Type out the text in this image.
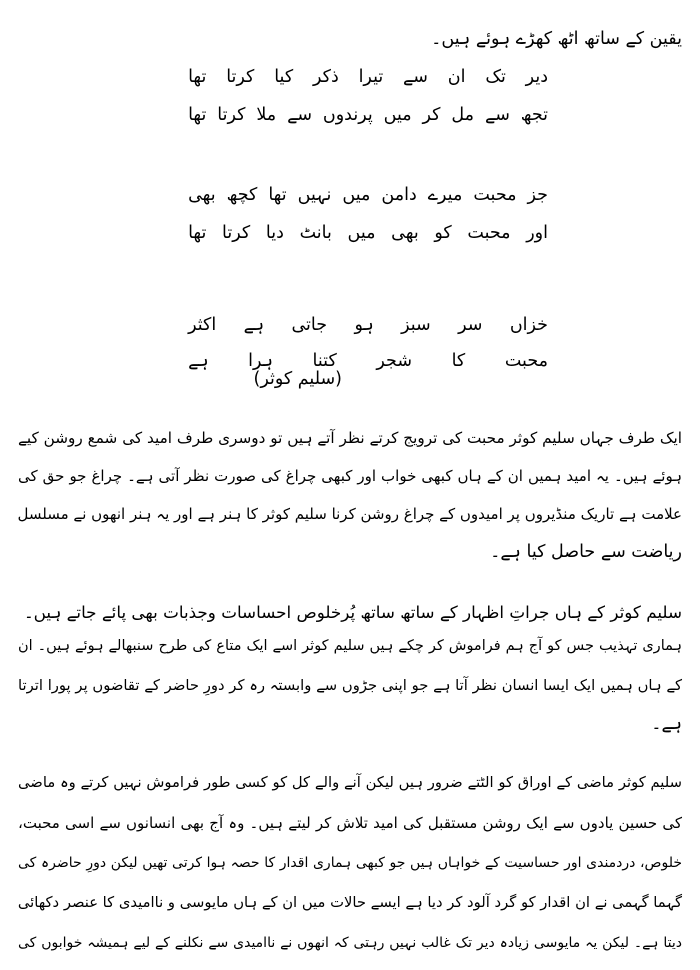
یقین کے ساتھ اٹھ کھڑے ہوئے ہیں۔
دیر
تک
ان
سے
تیرا
ذکر
کیا
کرتا
تھا
تجھ
سے
مل
کر
میں
پرندوں
سے
ملا
کرتا
تھا
جز
محبت
میرے
دامن
میں
نہیں
تھا
کچھ
بھی
اور
محبت
کو
بھی
میں
بانٹ
دیا
کرتا
تھا
خزاں
سر
سبز
ہو
جاتی
ہے
اکثر
محبت
کا
شجر
کتنا
ہرا
ہے
(سلیم کوثر)
ایک طرف جہاں سلیم کوثر محبت کی ترویج کرتے نظر آتے ہیں تو دوسری طرف امید کی شمع روشن کیے
ہوئے ہیں۔ یہ امید ہمیں ان کے ہاں کبھی خواب اور کبھی چراغ کی صورت نظر آتی ہے۔ چراغ جو حق کی
علامت ہے تاریک منڈیروں پر امیدوں کے چراغ روشن کرنا سلیم کوثر کا ہنر ہے اور یہ ہنر انھوں نے مسلسل
ریاضت سے حاصل کیا ہے۔
سلیم کوثر کے ہاں جراتِ اظہار کے ساتھ ساتھ پُرخلوص احساسات وجذبات بھی پائے جاتے ہیں۔
ہماری تہذیب جس کو آج ہم فراموش کر چکے ہیں سلیم کوثر اسے ایک متاع کی طرح سنبھالے ہوئے ہیں۔ ان
کے ہاں ہمیں ایک ایسا انسان نظر آتا ہے جو اپنی جڑوں سے وابستہ رہ کر دورِ حاضر کے تقاضوں پر پورا اترتا
ہے۔
سلیم کوثر ماضی کے اوراق کو الٹتے ضرور ہیں لیکن آنے والے کل کو کسی طور فراموش نہیں کرتے وہ ماضی
کی حسین یادوں سے ایک روشن مستقبل کی امید تلاش کر لیتے ہیں۔ وہ آج بھی انسانوں سے اسی محبت،
خلوص، دردمندی اور حساسیت کے خواہاں ہیں جو کبھی ہماری اقدار کا حصہ ہوا کرتی تھیں لیکن دورِ حاضرہ کی
گہما گہمی نے ان اقدار کو گرد آلود کر دیا ہے ایسے حالات میں ان کے ہاں مایوسی و ناامیدی کا عنصر دکھائی
دیتا ہے۔ لیکن یہ مایوسی زیادہ دیر تک غالب نہیں رہتی کہ انھوں نے ناامیدی سے نکلنے کے لیے ہمیشہ خوابوں کی
